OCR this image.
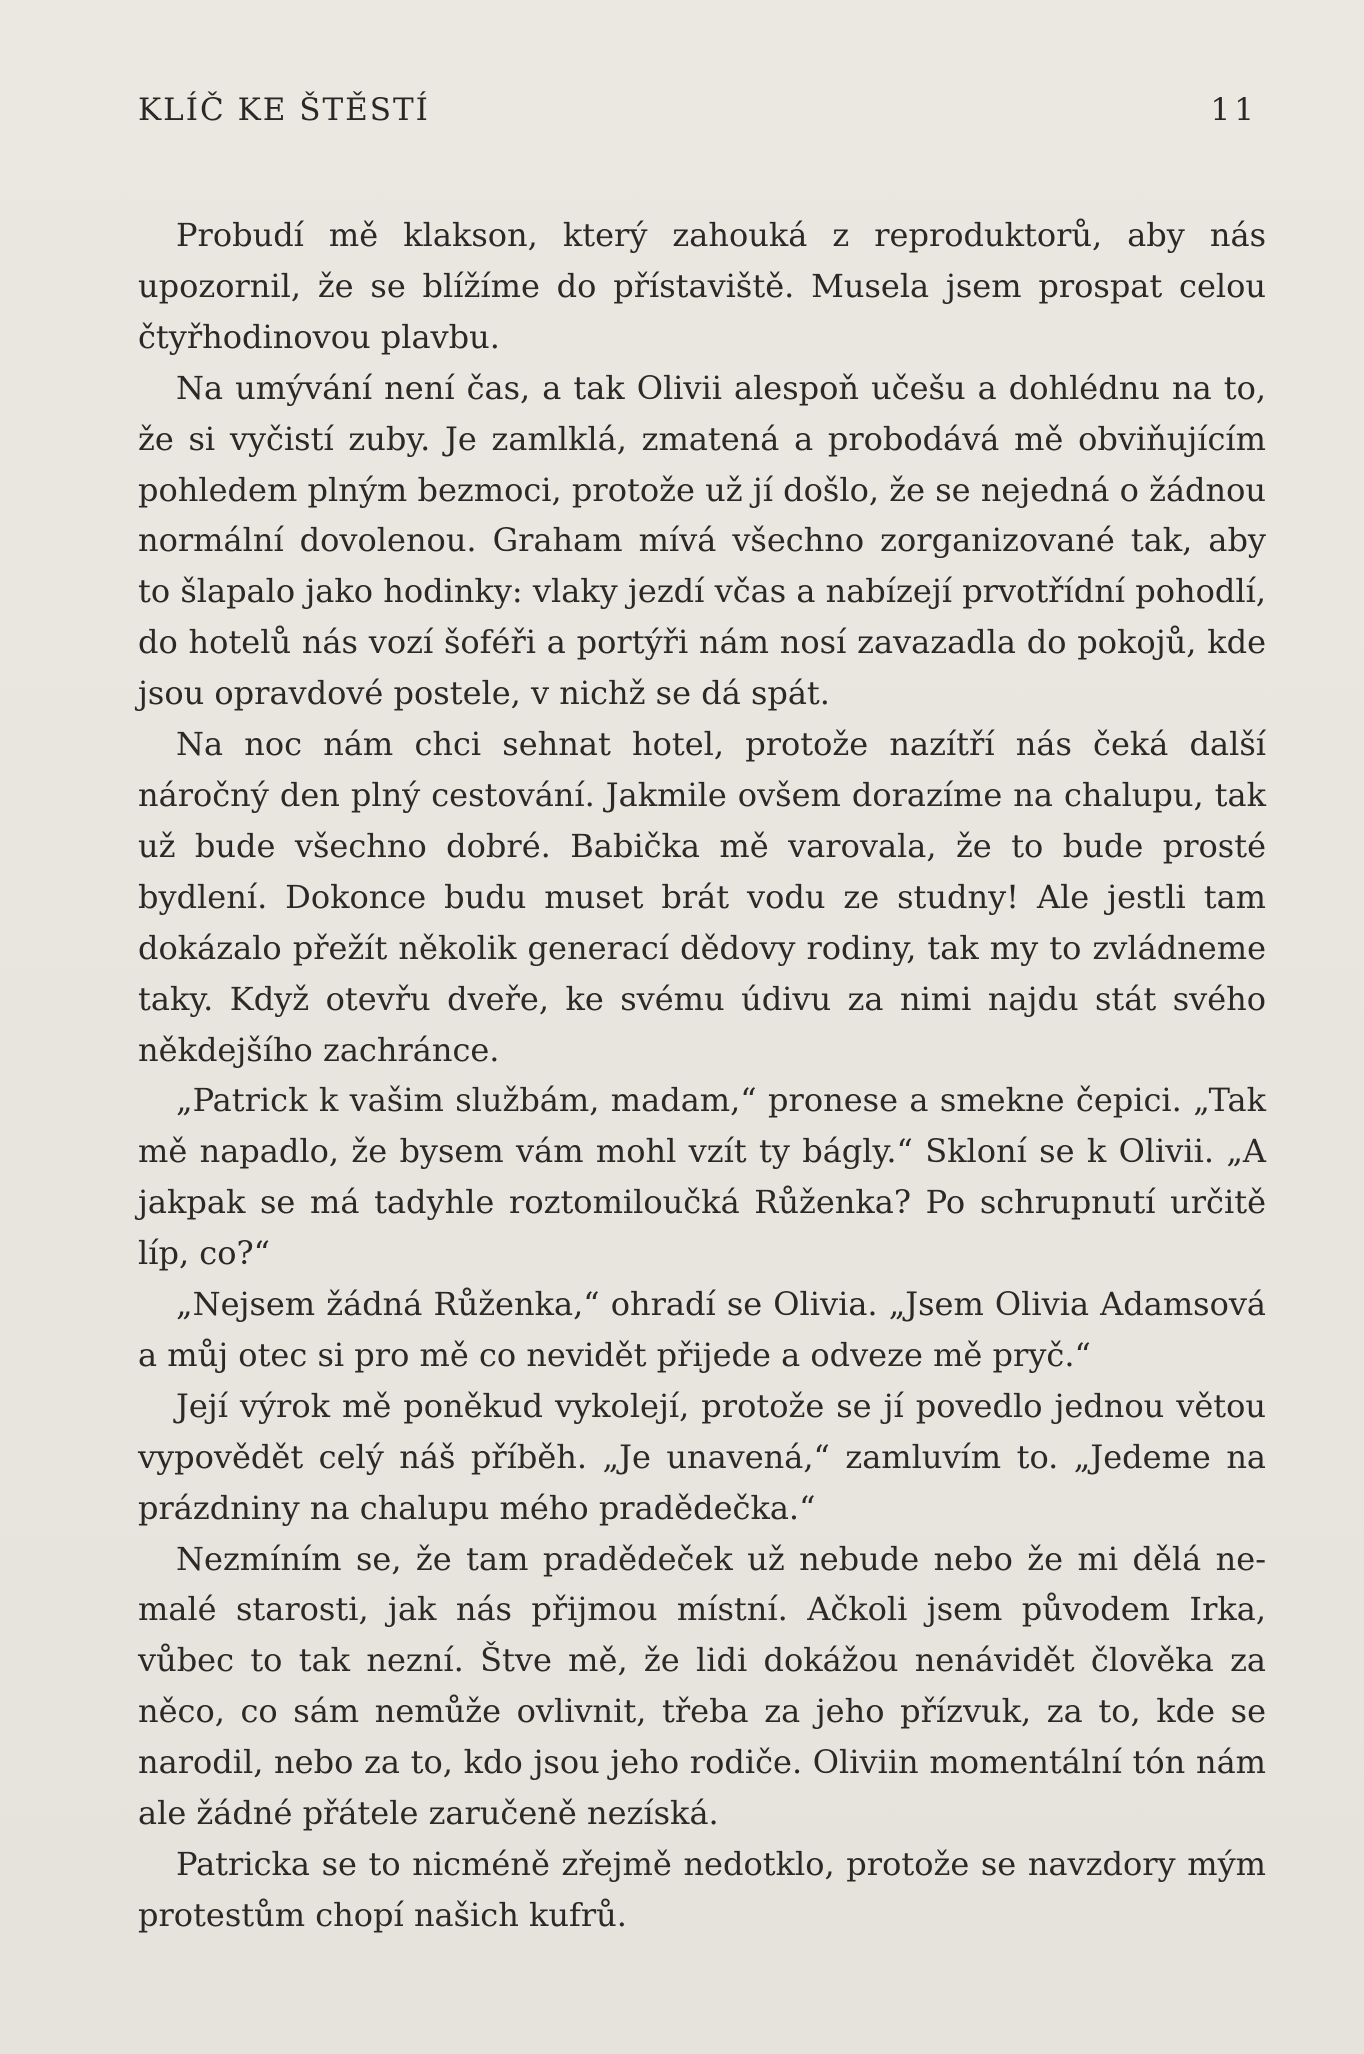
KLÍČ KE ŠTĚSTÍ	11

Probudí mě klakson, který zahouká z reproduktorů, aby nás upozornil, že se blížíme do přístaviště. Musela jsem prospat celou čtyřhodinovou plavbu.

Na umývání není čas, a tak Olivii alespoň učešu a dohlédnu na to, že si vyčistí zuby. Je zamlklá, zmatená a probodává mě obviňujícím pohledem plným bezmoci, protože už jí došlo, že se nejedná o žádnou normální dovolenou. Graham mívá všechno zorganizované tak, aby to šlapalo jako hodinky: vlaky jezdí včas a nabízejí prvotřídní pohodlí, do hotelů nás vozí šoféři a portýři nám nosí zavazadla do pokojů, kde jsou opravdové postele, v nichž se dá spát.

Na noc nám chci sehnat hotel, protože nazítří nás čeká další náročný den plný cestování. Jakmile ovšem dorazíme na chalupu, tak už bude všechno dobré. Babička mě varovala, že to bude prosté bydlení. Dokonce budu muset brát vodu ze studny! Ale jestli tam dokázalo přežít několik generací dědovy rodiny, tak my to zvládneme taky. Když otevřu dveře, ke svému údivu za nimi najdu stát svého někdejšího zachránce.

„Patrick k vašim službám, madam,“ pronese a smekne čepici. „Tak mě napadlo, že bysem vám mohl vzít ty bágly.“ Skloní se k Olivii. „A jakpak se má tadyhle roztomiloučká Růženka? Po schrupnutí určitě líp, co?“

„Nejsem žádná Růženka,“ ohradí se Olivia. „Jsem Olivia Adamsová a můj otec si pro mě co nevidět přijede a odveze mě pryč.“

Její výrok mě poněkud vykolejí, protože se jí povedlo jednou větou vypovědět celý náš příběh. „Je unavená,“ zamluvím to. „Jedeme na prázdniny na chalupu mého pradědečka.“

Nezmíním se, že tam pradědeček už nebude nebo že mi dělá nemalé starosti, jak nás přijmou místní. Ačkoli jsem původem Irka, vůbec to tak nezní. Štve mě, že lidi dokážou nenávidět člověka za něco, co sám nemůže ovlivnit, třeba za jeho přízvuk, za to, kde se narodil, nebo za to, kdo jsou jeho rodiče. Oliviin momentální tón nám ale žádné přátele zaručeně nezíská.

Patricka se to nicméně zřejmě nedotklo, protože se navzdory mým protestům chopí našich kufrů.
